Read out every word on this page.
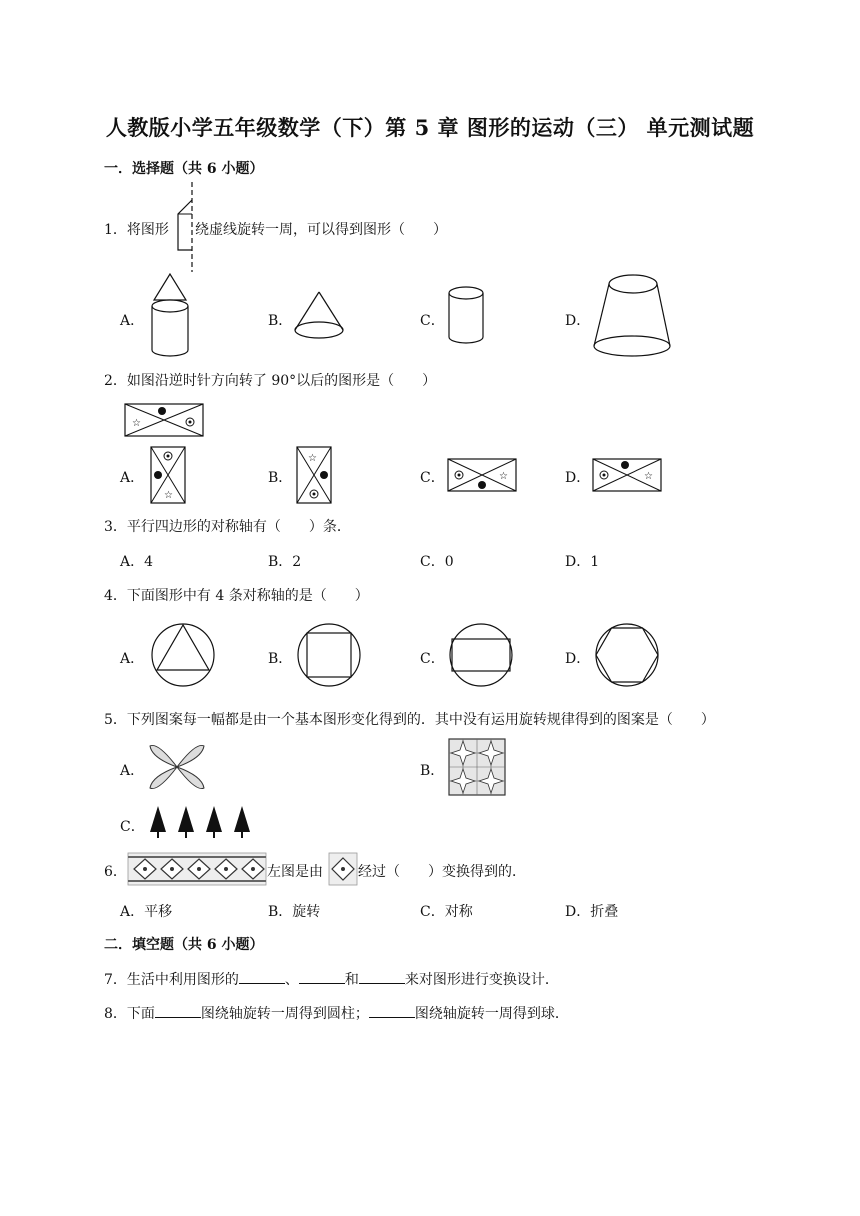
人教版小学五年级数学（下）第 5 章 图形的运动（三） 单元测试题
一．选择题（共 6 小题）
1．将图形 绕虚线旋转一周，可以得到图形（　　）
A．	B．	C．	D．
2．如图沿逆时针方向转了 90°以后的图形是（　　）
☆
A．
☆
B．
☆
C．	☆	D．	☆
3．平行四边形的对称轴有（　　）条．
A．4	B．2	C．0	D．1
4．下面图形中有 4 条对称轴的是（　　）
A．	B．	C．	D．
5．下列图案每一幅都是由一个基本图形变化得到的．其中没有运用旋转规律得到的图案是（　　）
A．	B．
C．
6．	左图是由	经过（　　）变换得到的．
A．平移	B．旋转	C．对称	D．折叠
二．填空题（共 6 小题）
7．生活中利用图形的	、	和	来对图形进行变换设计．
8．下面	图绕轴旋转一周得到圆柱；	图绕轴旋转一周得到球．
